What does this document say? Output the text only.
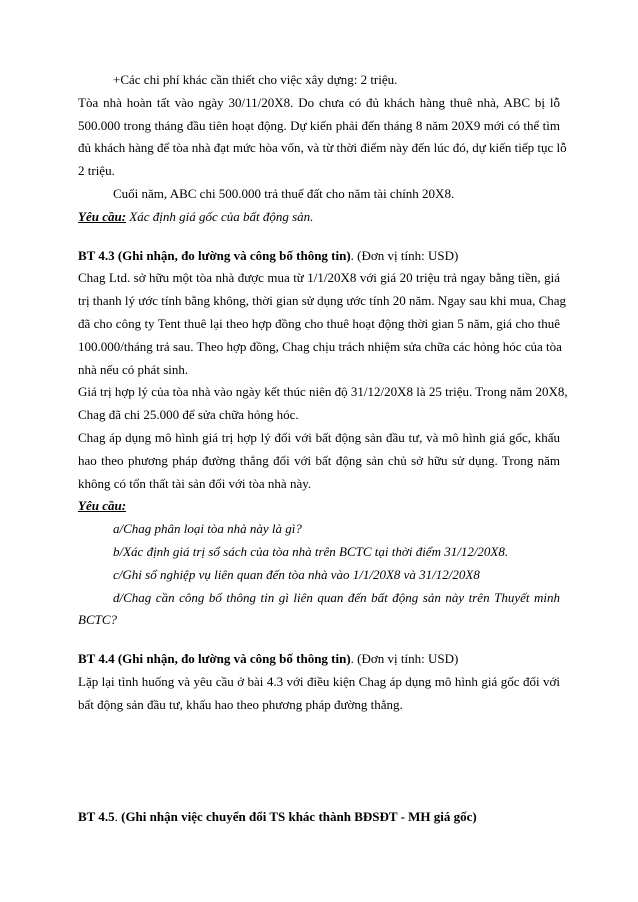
+Các chi phí khác cần thiết cho việc xây dựng: 2 triệu.
Tòa nhà hoàn tất vào ngày 30/11/20X8. Do chưa có đủ khách hàng thuê nhà, ABC bị lỗ
500.000 trong tháng đầu tiên hoạt động. Dự kiến phải đến tháng 8 năm 20X9 mới có thể tìm
đủ khách hàng để tòa nhà đạt mức hòa vốn, và từ thời điểm này đến lúc đó, dự kiến tiếp tục lỗ
2 triệu.
Cuối năm, ABC chi 500.000 trả thuế đất cho năm tài chính 20X8.
Yêu cầu: Xác định giá gốc của bất động sản.
BT 4.3 (Ghi nhận, đo lường và công bố thông tin). (Đơn vị tính: USD)
Chag Ltd. sở hữu một tòa nhà được mua từ 1/1/20X8 với giá 20 triệu trả ngay bằng tiền, giá
trị thanh lý ước tính bằng không, thời gian sử dụng ước tính 20 năm. Ngay sau khi mua, Chag
đã cho công ty Tent thuê lại theo hợp đồng cho thuê hoạt động thời gian 5 năm, giá cho thuê
100.000/tháng trả sau. Theo hợp đồng, Chag chịu trách nhiệm sửa chữa các hỏng hóc của tòa
nhà nếu có phát sinh.
Giá trị hợp lý của tòa nhà vào ngày kết thúc niên độ 31/12/20X8 là 25 triệu. Trong năm 20X8,
Chag đã chi 25.000 để sửa chữa hỏng hóc.
Chag áp dụng mô hình giá trị hợp lý đối với bất động sản đầu tư, và mô hình giá gốc, khấu
hao theo phương pháp đường thẳng đối với bất động sản chủ sở hữu sử dụng. Trong năm
không có tổn thất tài sản đối với tòa nhà này.
Yêu cầu:
a/Chag phân loại tòa nhà này là gì?
b/Xác định giá trị sổ sách của tòa nhà trên BCTC tại thời điểm 31/12/20X8.
c/Ghi sổ nghiệp vụ liên quan đến tòa nhà vào 1/1/20X8 và 31/12/20X8
d/Chag cần công bố thông tin gì liên quan đến bất động sản này trên Thuyết minh
BCTC?
BT 4.4 (Ghi nhận, đo lường và công bố thông tin). (Đơn vị tính: USD)
Lặp lại tình huống và yêu cầu ở bài 4.3 với điều kiện Chag áp dụng mô hình giá gốc đối với
bất động sản đầu tư, khấu hao theo phương pháp đường thẳng.
BT 4.5. (Ghi nhận việc chuyển đổi TS khác thành BĐSĐT - MH giá gốc)
